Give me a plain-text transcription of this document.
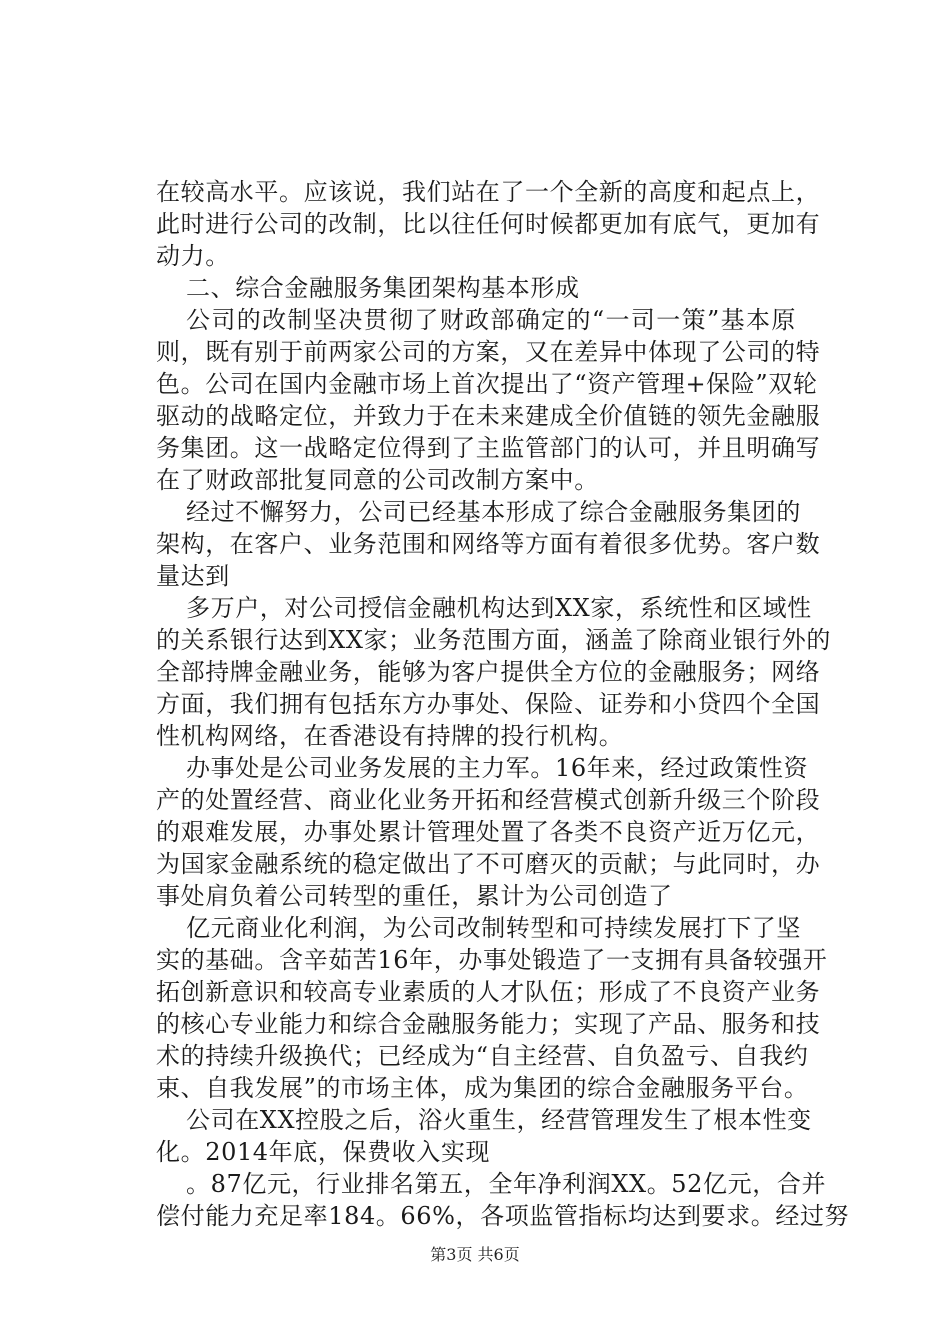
在较高水平。应该说，我们站在了一个全新的高度和起点上，
此时进行公司的改制，比以往任何时候都更加有底气，更加有
动力。
二、综合金融服务集团架构基本形成
公司的改制坚决贯彻了财政部确定的“一司一策”基本原
则，既有别于前两家公司的方案，又在差异中体现了公司的特
色。公司在国内金融市场上首次提出了“资产管理+保险”双轮
驱动的战略定位，并致力于在未来建成全价值链的领先金融服
务集团。这一战略定位得到了主监管部门的认可，并且明确写
在了财政部批复同意的公司改制方案中。
经过不懈努力，公司已经基本形成了综合金融服务集团的
架构，在客户、业务范围和网络等方面有着很多优势。客户数
量达到
多万户，对公司授信金融机构达到XX家，系统性和区域性
的关系银行达到XX家；业务范围方面，涵盖了除商业银行外的
全部持牌金融业务，能够为客户提供全方位的金融服务；网络
方面，我们拥有包括东方办事处、保险、证券和小贷四个全国
性机构网络，在香港设有持牌的投行机构。
办事处是公司业务发展的主力军。16年来，经过政策性资
产的处置经营、商业化业务开拓和经营模式创新升级三个阶段
的艰难发展，办事处累计管理处置了各类不良资产近万亿元，
为国家金融系统的稳定做出了不可磨灭的贡献；与此同时，办
事处肩负着公司转型的重任，累计为公司创造了
亿元商业化利润，为公司改制转型和可持续发展打下了坚
实的基础。含辛茹苦16年，办事处锻造了一支拥有具备较强开
拓创新意识和较高专业素质的人才队伍；形成了不良资产业务
的核心专业能力和综合金融服务能力；实现了产品、服务和技
术的持续升级换代；已经成为“自主经营、自负盈亏、自我约
束、自我发展”的市场主体，成为集团的综合金融服务平台。
公司在XX控股之后，浴火重生，经营管理发生了根本性变
化。2014年底，保费收入实现
。87亿元，行业排名第五，全年净利润XX。52亿元，合并
偿付能力充足率184。66%，各项监管指标均达到要求。经过努
第3页 共6页
